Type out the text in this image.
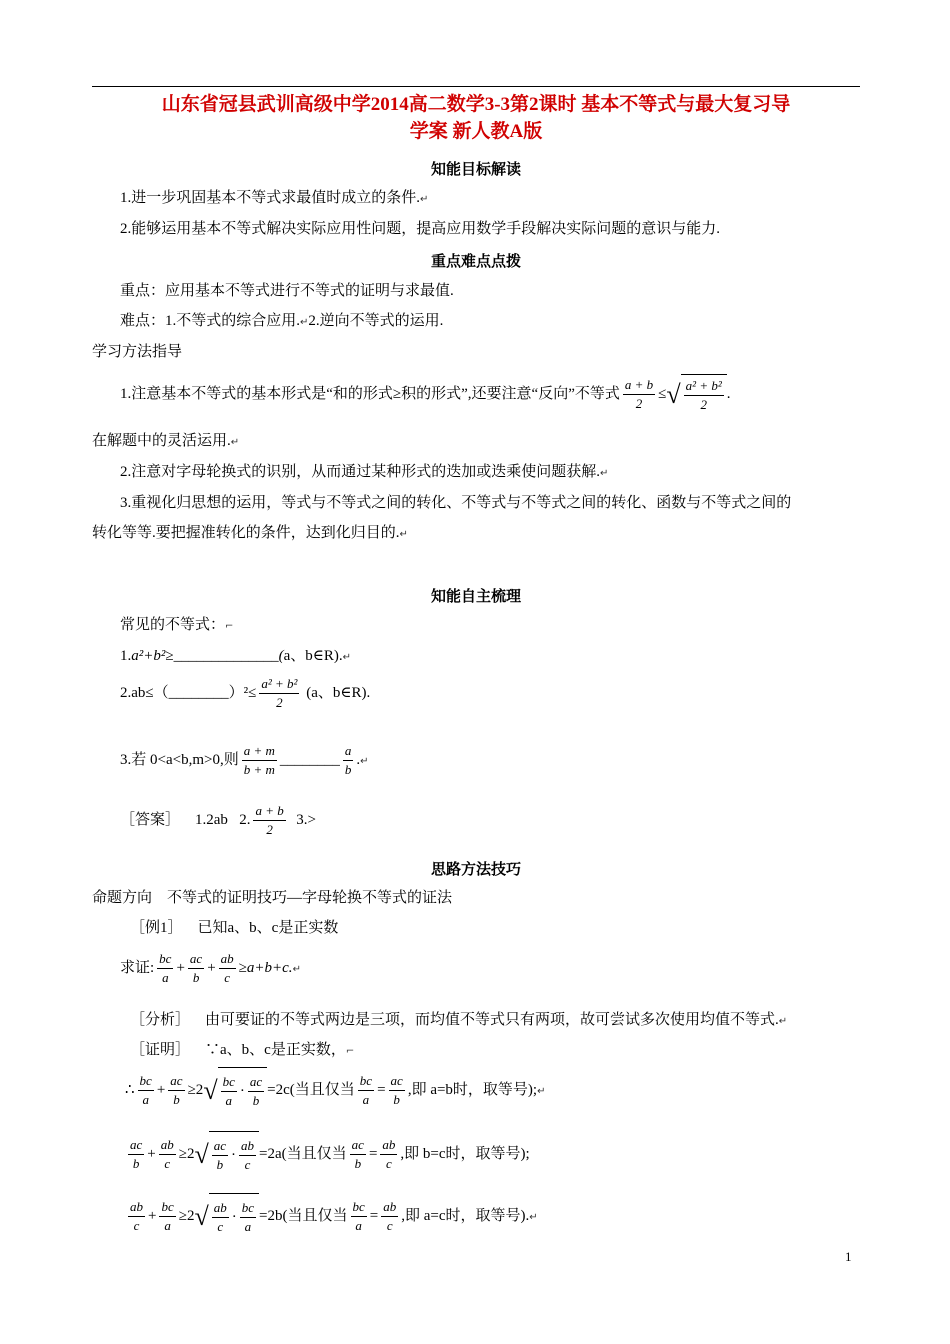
山东省冠县武训高级中学2014高二数学3-3第2课时 基本不等式与最大复习导
学案 新人教A版
知能目标解读
1.进一步巩固基本不等式求最值时成立的条件.↵
2.能够运用基本不等式解决实际应用性问题，提高应用数学手段解决实际问题的意识与能力.
重点难点点拨
重点：应用基本不等式进行不等式的证明与求最值.
难点：1.不等式的综合应用.↵2.逆向不等式的运用.
学习方法指导
1.注意基本不等式的基本形式是“和的形式≥积的形式”,还要注意“反向”不等式 $\frac{a + b}{2}$ ≤√ $\frac{\text{a² + b²}}{2}$ .
在解题中的灵活运用.↵
2.注意对字母轮换式的识别，从而通过某种形式的迭加或迭乘使问题获解.↵
3.重视化归思想的运用，等式与不等式之间的转化、不等式与不等式之间的转化、函数与不等式之间的
转化等等.要把握准转化的条件，达到化归目的.↵
知能自主梳理
常见的不等式：⌐
1.a²+b²≥______________(a、b∈R).↵
2.ab≤（________）²≤ $\frac{\text{a² + b²}}{2} (a$、b∈R).
3.若 0<a<b,m>0,则 $\frac{a + m}{b + m}$ ________ $\frac{a}{b}$ .↵
［答案］ 1.2ab 2. $\frac{a + b}{2} 3.>$
思路方法技巧
命题方向　不等式的证明技巧—字母轮换不等式的证法
［例1］ 已知a、b、c是正实数
求证: $\frac{bc}{a} + \frac{ac}{b} + \frac{ab}{c}$ ≥a+b+c.↵
［分析］ 由可要证的不等式两边是三项，而均值不等式只有两项，故可尝试多次使用均值不等式.↵
［证明］ ∵a、b、c是正实数，⌐
∴ $\frac{bc}{a} + \frac{ac}{b} \ge 2√ \frac{bc}{a} \cdot \frac{ac}{b} =2c$(当且仅当 $\frac{bc}{a} = \frac{ac}{b}$ ,即 a=b时，取等号);↵
$\frac{ac}{b} + \frac{ab}{c} \ge 2√ \frac{ac}{b} \cdot \frac{ab}{c} =2a$(当且仅当 $\frac{ac}{b} = \frac{ab}{c}$ ,即 b=c时，取等号);
$\frac{ab}{c} + \frac{bc}{a} \ge 2√ \frac{ab}{c} \cdot \frac{bc}{a} =2b$(当且仅当 $\frac{bc}{a} = \frac{ab}{c}$ ,即 a=c时，取等号).↵
1
